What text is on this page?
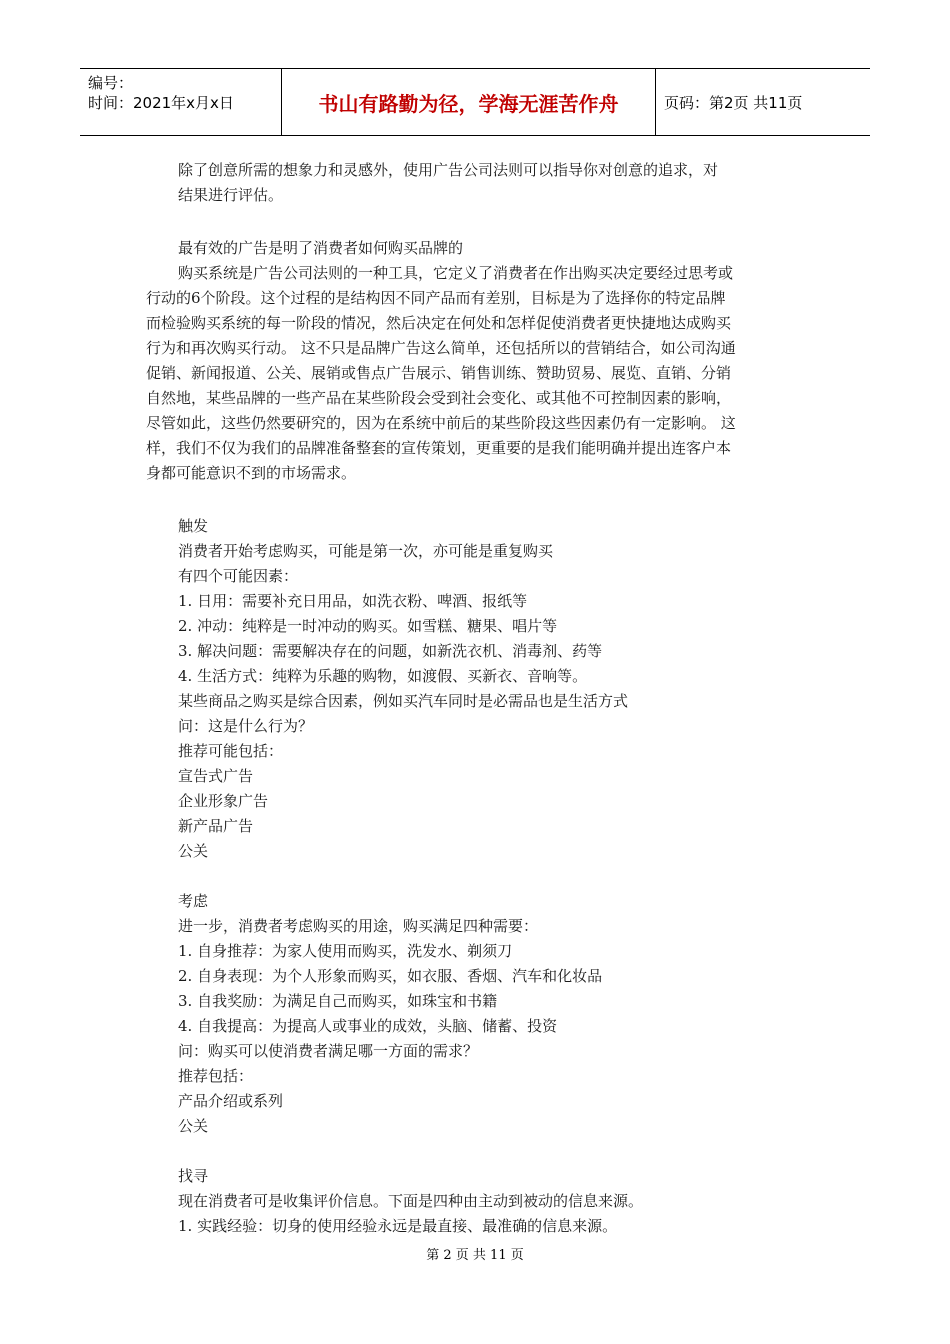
编号：
时间：2021年x月x日	书山有路勤为径，学海无涯苦作舟	页码：第2页 共11页

除了创意所需的想象力和灵感外，使用广告公司法则可以指导你对创意的追求，对

结果进行评估。

最有效的广告是明了消费者如何购买品牌的

购买系统是广告公司法则的一种工具，它定义了消费者在作出购买决定要经过思考或

行动的6个阶段。这个过程的是结构因不同产品而有差别，目标是为了选择你的特定品牌

而检验购买系统的每一阶段的情况，然后决定在何处和怎样促使消费者更快捷地达成购买

行为和再次购买行动。 这不只是品牌广告这么简单，还包括所以的营销结合，如公司沟通

促销、新闻报道、公关、展销或售点广告展示、销售训练、赞助贸易、展览、直销、分销

自然地，某些品牌的一些产品在某些阶段会受到社会变化、或其他不可控制因素的影响，

尽管如此，这些仍然要研究的，因为在系统中前后的某些阶段这些因素仍有一定影响。 这

样，我们不仅为我们的品牌准备整套的宣传策划，更重要的是我们能明确并提出连客户本

身都可能意识不到的市场需求。

触发

消费者开始考虑购买，可能是第一次，亦可能是重复购买

有四个可能因素：

1. 日用：需要补充日用品，如洗衣粉、啤酒、报纸等

2. 冲动：纯粹是一时冲动的购买。如雪糕、糖果、唱片等

3. 解决问题：需要解决存在的问题，如新洗衣机、消毒剂、药等

4. 生活方式：纯粹为乐趣的购物，如渡假、买新衣、音响等。

某些商品之购买是综合因素，例如买汽车同时是必需品也是生活方式

问：这是什么行为？

推荐可能包括：

宣告式广告

企业形象广告

新产品广告

公关

考虑

进一步，消费者考虑购买的用途，购买满足四种需要：

1. 自身推荐：为家人使用而购买，洗发水、剃须刀

2. 自身表现：为个人形象而购买，如衣服、香烟、汽车和化妆品

3. 自我奖励：为满足自己而购买，如珠宝和书籍

4. 自我提高：为提高人或事业的成效，头脑、储蓄、投资

问：购买可以使消费者满足哪一方面的需求？

推荐包括：

产品介绍或系列

公关

找寻

现在消费者可是收集评价信息。下面是四种由主动到被动的信息来源。

1. 实践经验：切身的使用经验永远是最直接、最准确的信息来源。

第 2 页 共 11 页
